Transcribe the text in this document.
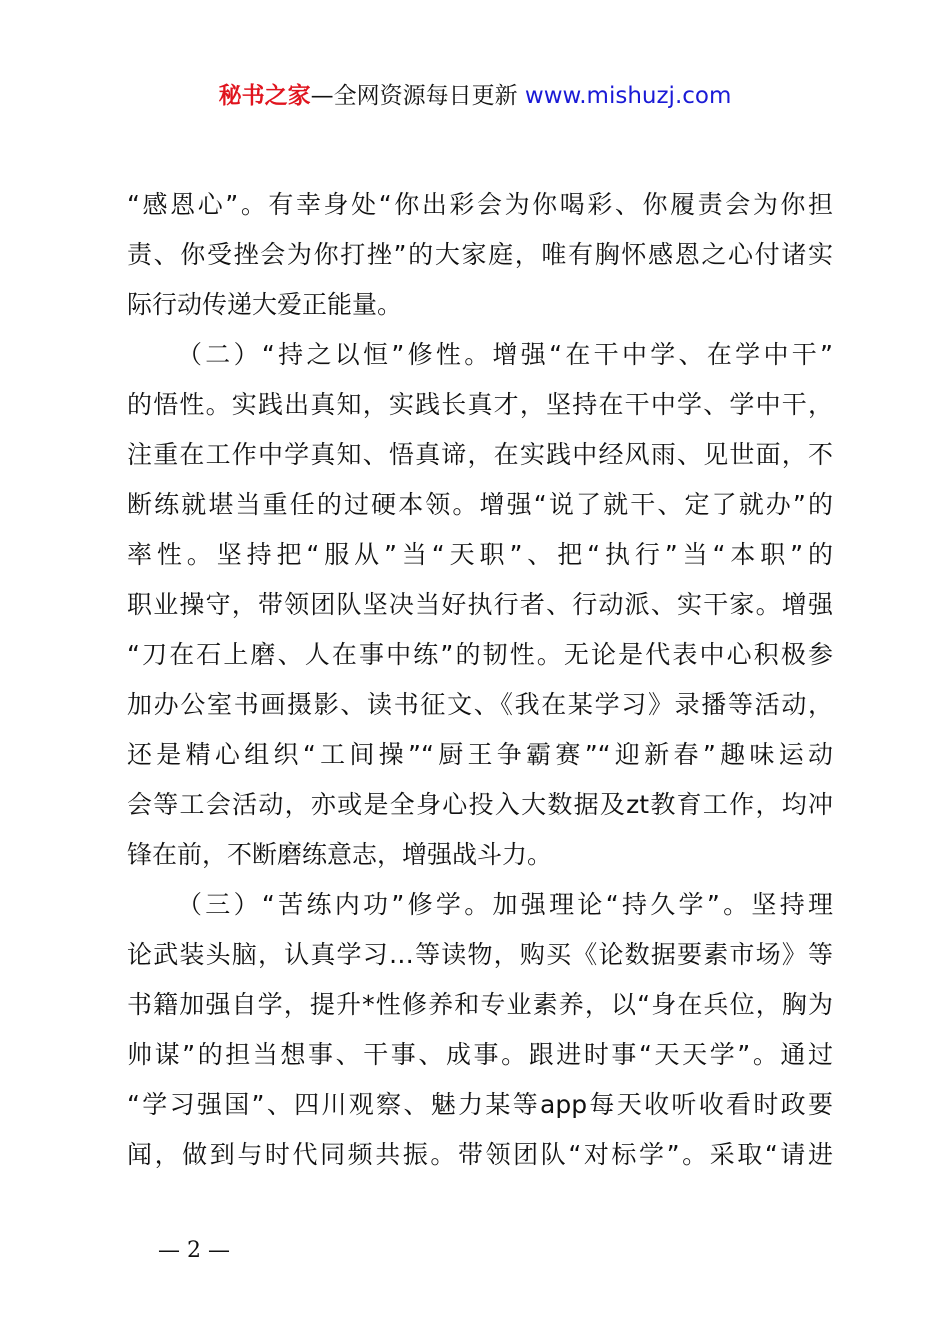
秘书之家—全网资源每日更新 www.mishuzj.com
“感恩心”。有幸身处“你出彩会为你喝彩、你履责会为你担
责、你受挫会为你打挫”的大家庭，唯有胸怀感恩之心付诸实
际行动传递大爱正能量。
（二）“持之以恒”修性。增强“在干中学、在学中干”
的悟性。实践出真知，实践长真才，坚持在干中学、学中干，
注重在工作中学真知、悟真谛，在实践中经风雨、见世面，不
断练就堪当重任的过硬本领。增强“说了就干、定了就办”的
率性。坚持把“服从”当“天职”、把“执行”当“本职”的
职业操守，带领团队坚决当好执行者、行动派、实干家。增强
“刀在石上磨、人在事中练”的韧性。无论是代表中心积极参
加办公室书画摄影、读书征文、《我在某学习》录播等活动，
还是精心组织“工间操”“厨王争霸赛”“迎新春”趣味运动
会等工会活动，亦或是全身心投入大数据及zt教育工作，均冲
锋在前，不断磨练意志，增强战斗力。
（三）“苦练内功”修学。加强理论“持久学”。坚持理
论武装头脑，认真学习…等读物，购买《论数据要素市场》等
书籍加强自学，提升*性修养和专业素养，以“身在兵位，胸为
帅谋”的担当想事、干事、成事。跟进时事“天天学”。通过
“学习强国”、四川观察、魅力某等app每天收听收看时政要
闻，做到与时代同频共振。带领团队“对标学”。采取“请进
— 2 —
